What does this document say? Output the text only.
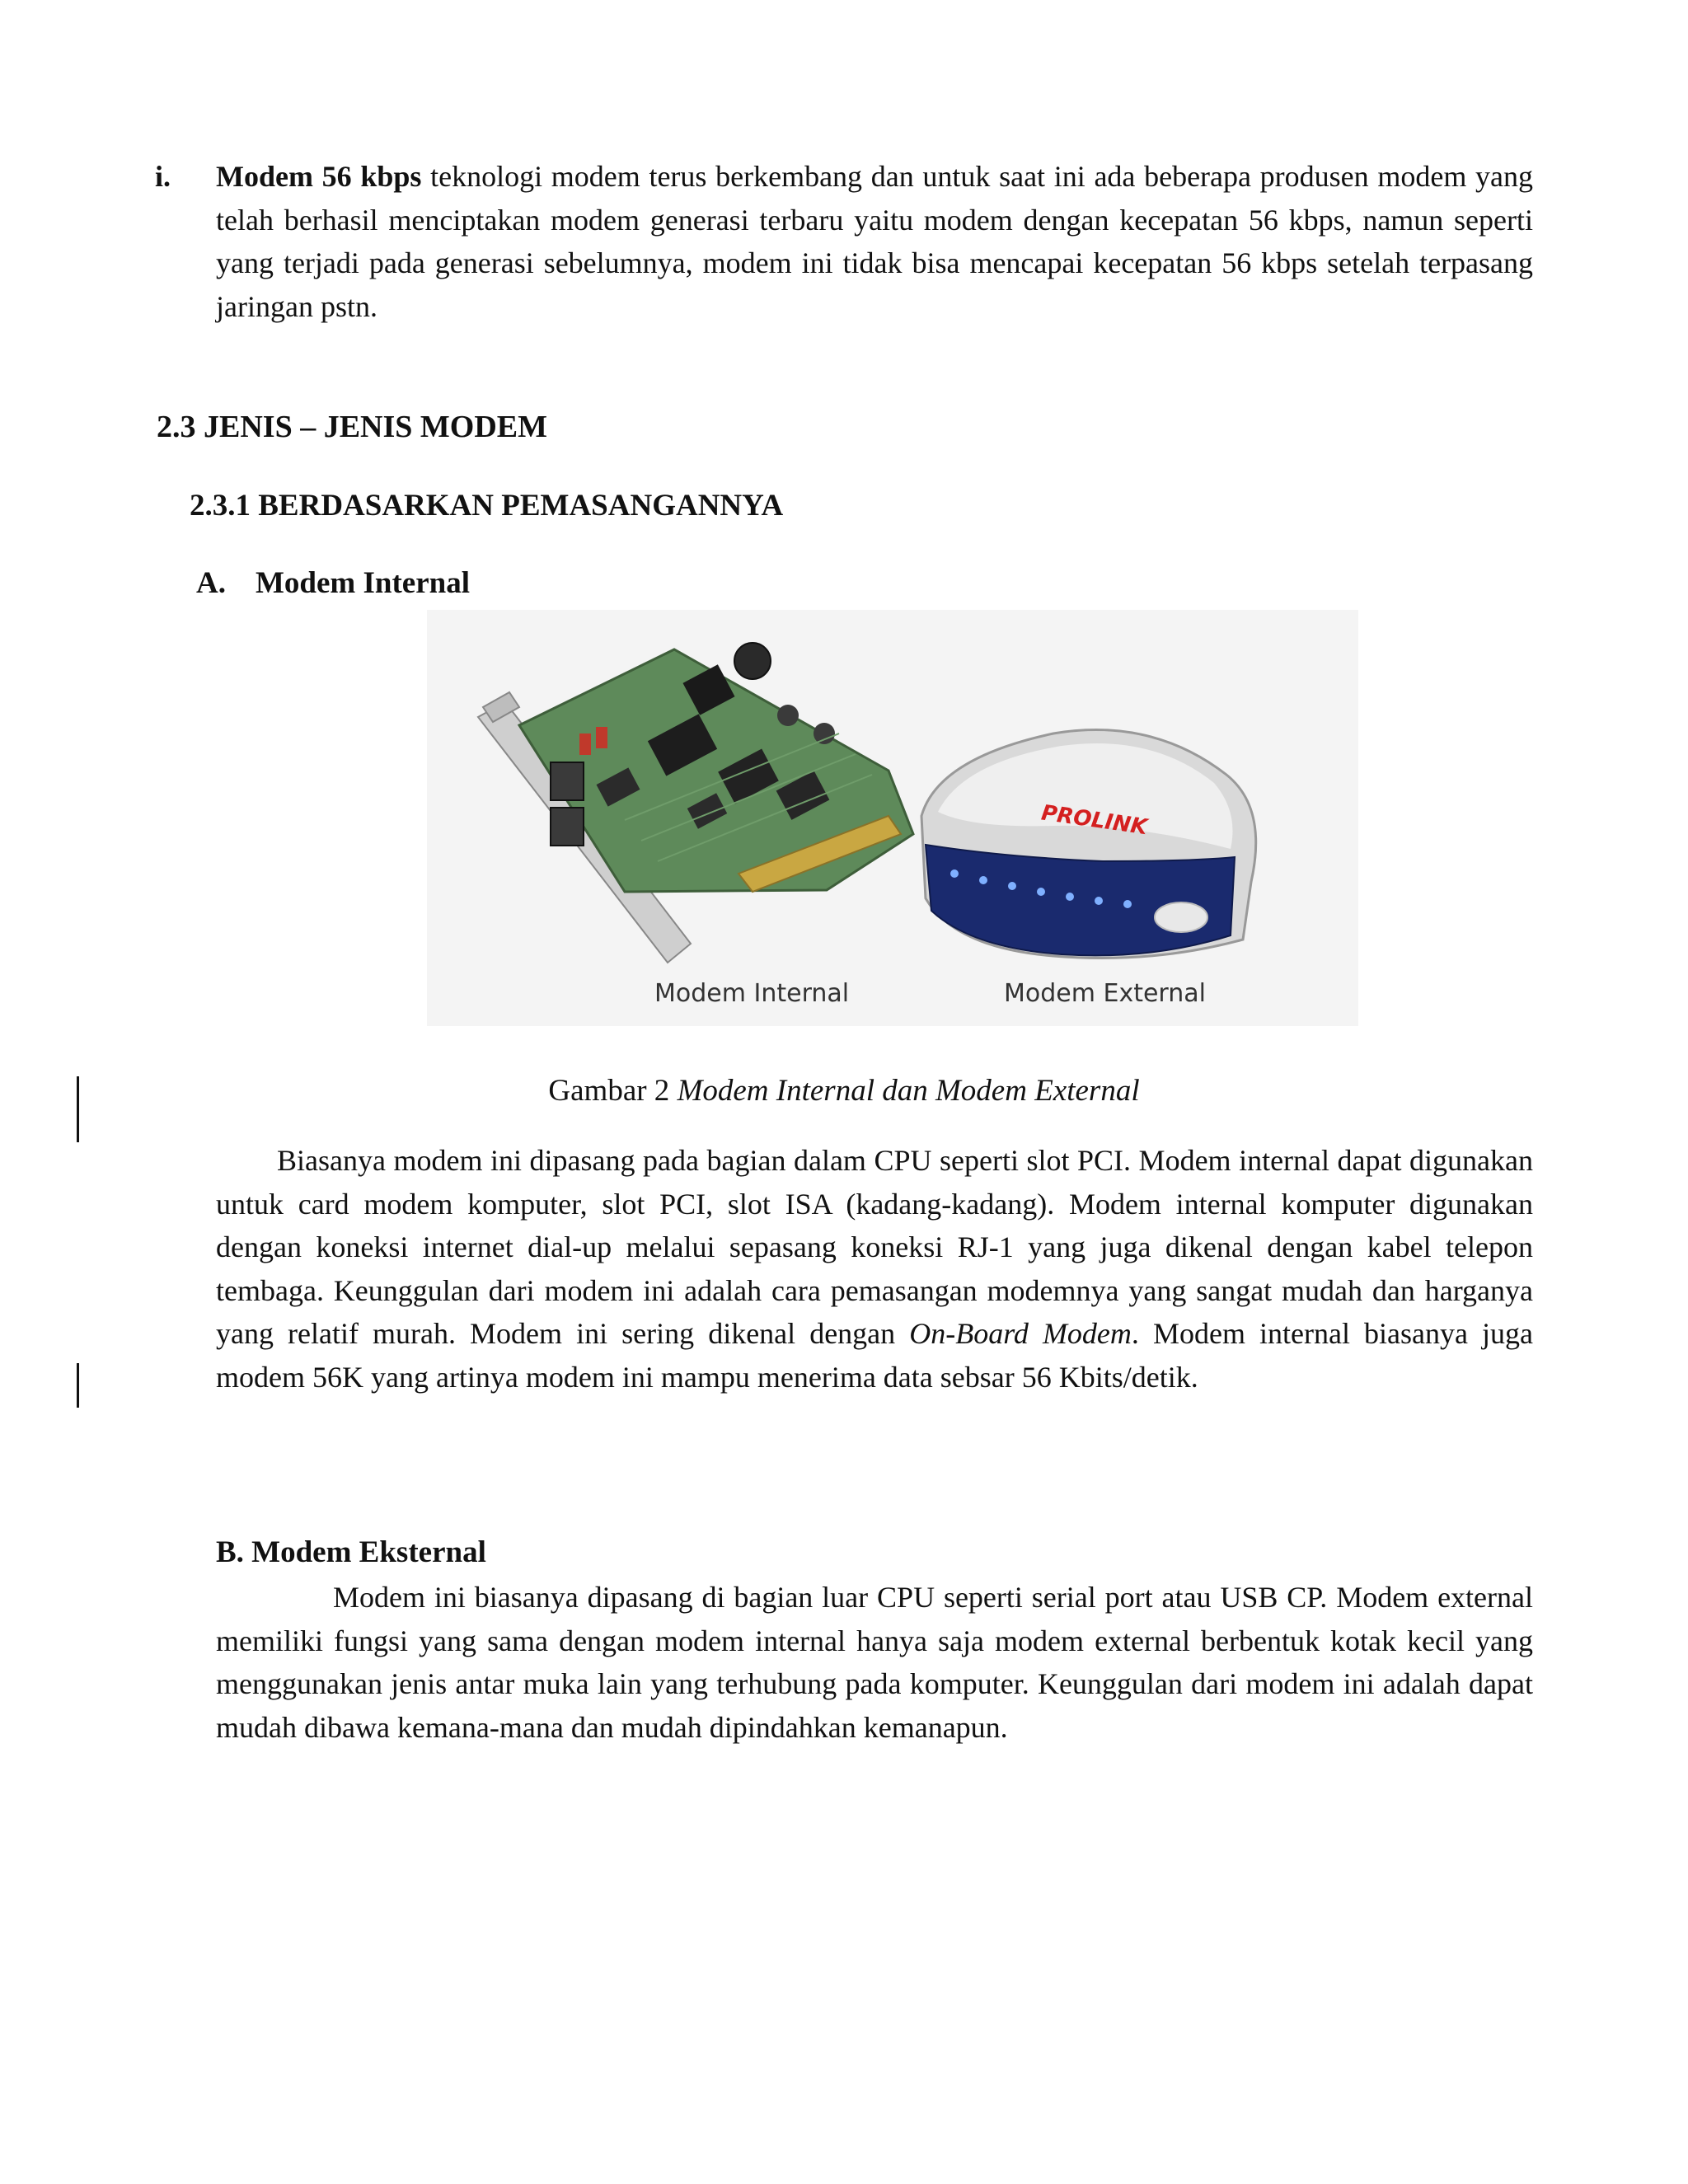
i. Modem 56 kbps teknologi modem terus berkembang dan untuk saat ini ada beberapa produsen modem yang telah berhasil menciptakan modem generasi terbaru yaitu modem dengan kecepatan 56 kbps, namun seperti yang terjadi pada generasi sebelumnya, modem ini tidak bisa mencapai kecepatan 56 kbps setelah terpasang jaringan pstn.
2.3 JENIS – JENIS MODEM
2.3.1 BERDASARKAN PEMASANGANNYA
A. Modem Internal
PROLINK
Modem Internal	Modem External
Gambar 2 Modem Internal dan Modem External
Biasanya modem ini dipasang pada bagian dalam CPU seperti slot PCI. Modem internal dapat digunakan untuk card modem komputer, slot PCI, slot ISA (kadang-kadang). Modem internal komputer digunakan dengan koneksi internet dial-up melalui sepasang koneksi RJ-1 yang juga dikenal dengan kabel telepon tembaga. Keunggulan dari modem ini adalah cara pemasangan modemnya yang sangat mudah dan harganya yang relatif murah. Modem ini sering dikenal dengan On-Board Modem. Modem internal biasanya juga modem 56K yang artinya modem ini mampu menerima data sebsar 56 Kbits/detik.
B. Modem Eksternal
Modem ini biasanya dipasang di bagian luar CPU seperti serial port atau USB CP. Modem external memiliki fungsi yang sama dengan modem internal hanya saja modem external berbentuk kotak kecil yang menggunakan jenis antar muka lain yang terhubung pada komputer. Keunggulan dari modem ini adalah dapat mudah dibawa kemana-mana dan mudah dipindahkan kemanapun.
